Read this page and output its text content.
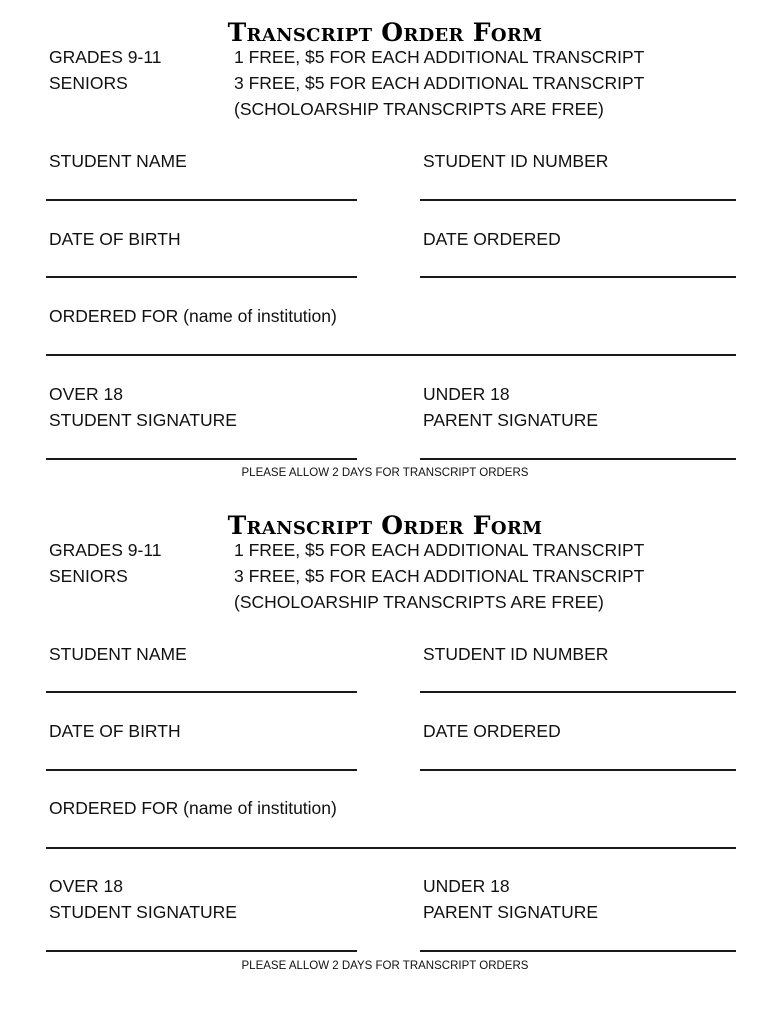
Transcript Order Form
GRADES 9-11	1 FREE, $5 FOR EACH ADDITIONAL TRANSCRIPT
SENIORS	3 FREE, $5 FOR EACH ADDITIONAL TRANSCRIPT
(SCHOLOARSHIP TRANSCRIPTS ARE FREE)
STUDENT NAME	STUDENT ID NUMBER
DATE OF BIRTH	DATE ORDERED
ORDERED FOR (name of institution)
OVER 18
STUDENT SIGNATURE
UNDER 18
PARENT SIGNATURE
PLEASE ALLOW 2 DAYS FOR TRANSCRIPT ORDERS
Transcript Order Form
GRADES 9-11	1 FREE, $5 FOR EACH ADDITIONAL TRANSCRIPT
SENIORS	3 FREE, $5 FOR EACH ADDITIONAL TRANSCRIPT
(SCHOLOARSHIP TRANSCRIPTS ARE FREE)
STUDENT NAME	STUDENT ID NUMBER
DATE OF BIRTH	DATE ORDERED
ORDERED FOR (name of institution)
OVER 18
STUDENT SIGNATURE
UNDER 18
PARENT SIGNATURE
PLEASE ALLOW 2 DAYS FOR TRANSCRIPT ORDERS
